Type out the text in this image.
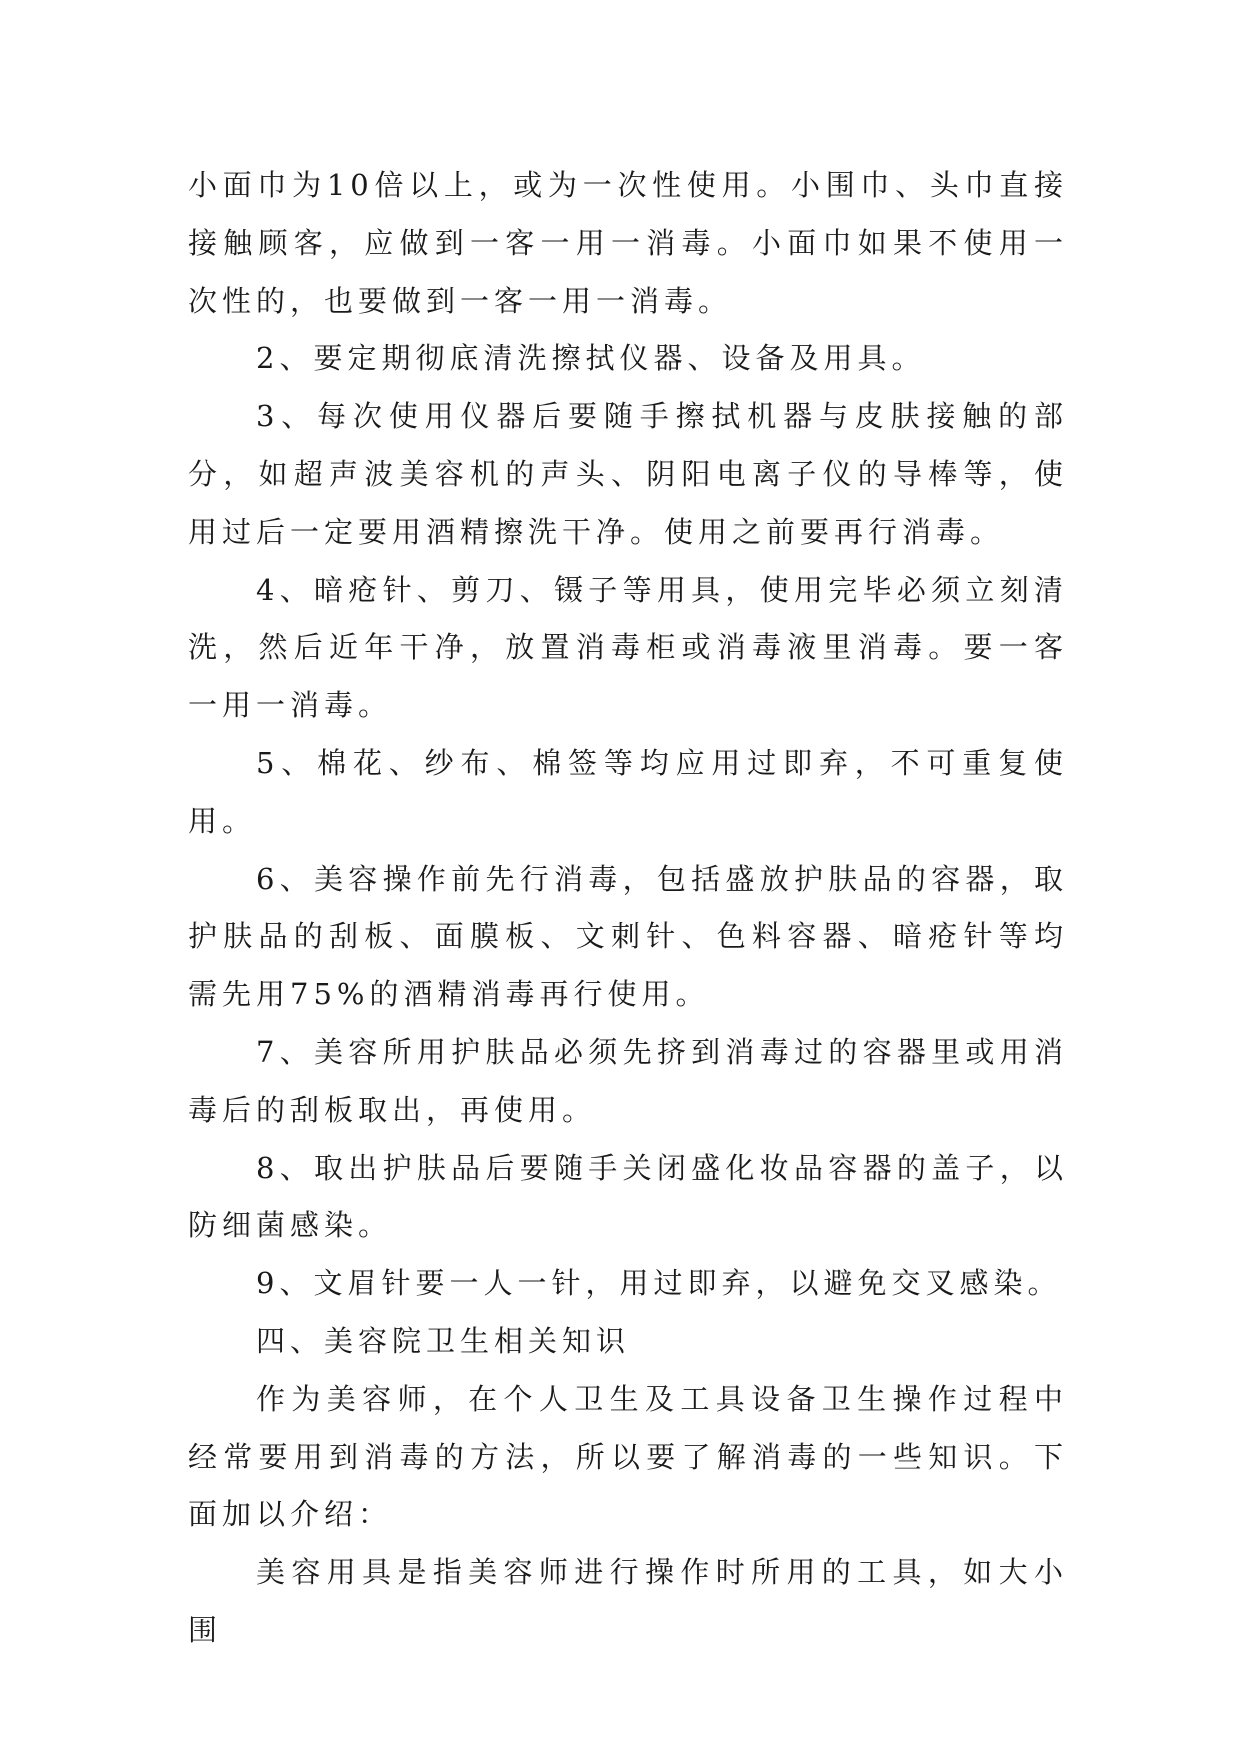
小面巾为10倍以上，或为一次性使用。小围巾、头巾直接接触顾客，应做到一客一用一消毒。小面巾如果不使用一次性的，也要做到一客一用一消毒。

2、要定期彻底清洗擦拭仪器、设备及用具。

3、每次使用仪器后要随手擦拭机器与皮肤接触的部分，如超声波美容机的声头、阴阳电离子仪的导棒等，使用过后一定要用酒精擦洗干净。使用之前要再行消毒。

4、暗疮针、剪刀、镊子等用具，使用完毕必须立刻清洗，然后近年干净，放置消毒柜或消毒液里消毒。要一客一用一消毒。

5、棉花、纱布、棉签等均应用过即弃，不可重复使用。

6、美容操作前先行消毒，包括盛放护肤品的容器，取护肤品的刮板、面膜板、文刺针、色料容器、暗疮针等均需先用75%的酒精消毒再行使用。

7、美容所用护肤品必须先挤到消毒过的容器里或用消毒后的刮板取出，再使用。

8、取出护肤品后要随手关闭盛化妆品容器的盖子，以防细菌感染。

9、文眉针要一人一针，用过即弃，以避免交叉感染。

四、美容院卫生相关知识

作为美容师，在个人卫生及工具设备卫生操作过程中经常要用到消毒的方法，所以要了解消毒的一些知识。下面加以介绍：

美容用具是指美容师进行操作时所用的工具，如大小围
